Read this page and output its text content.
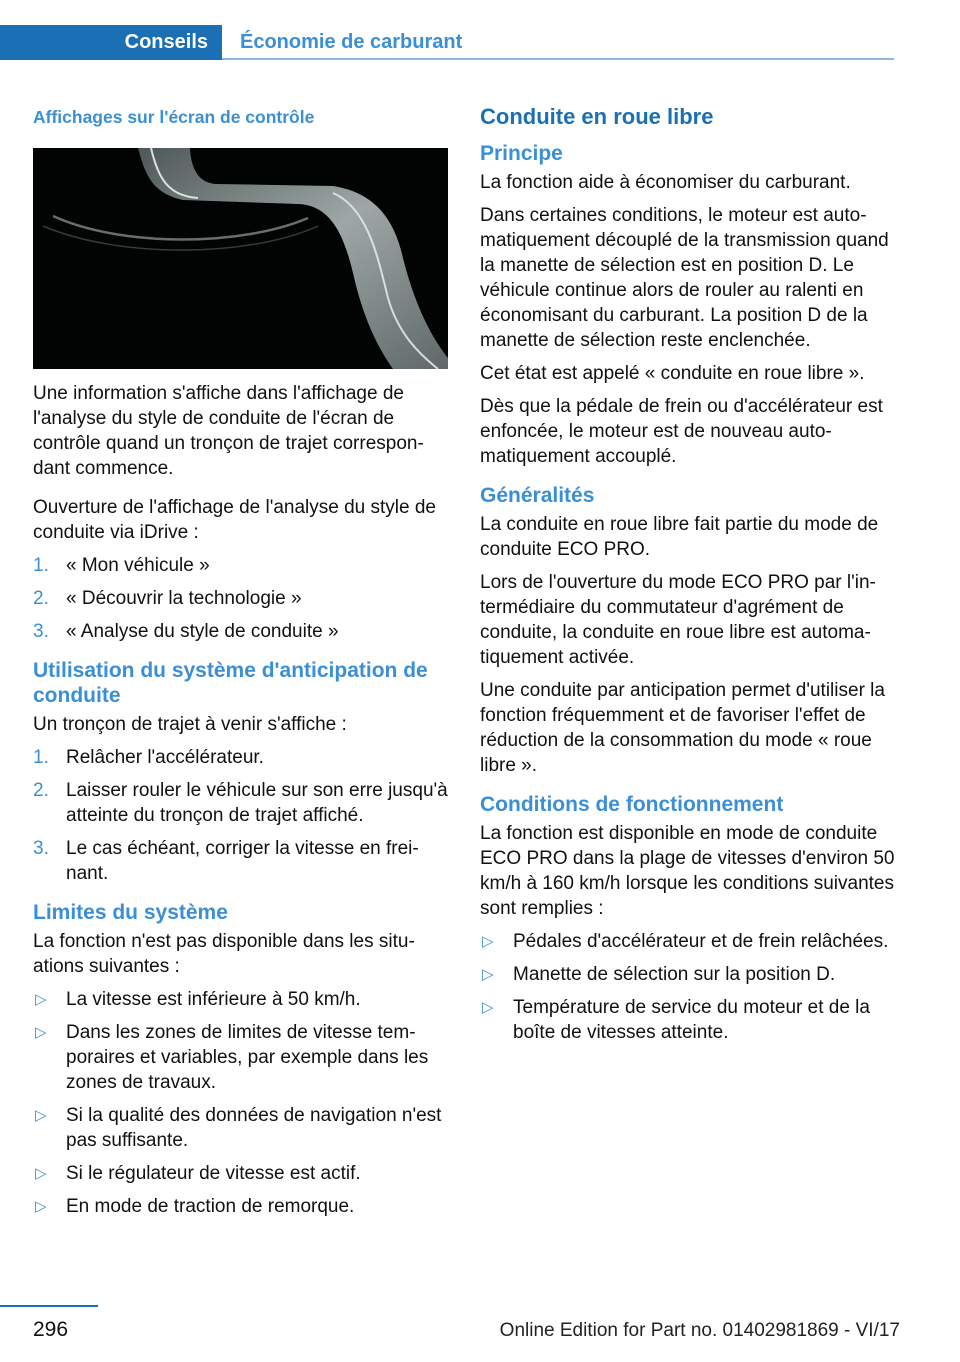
Conseils	Économie de carburant
Affichages sur l'écran de contrôle

Une information s'affiche dans l'affichage de l'analyse du style de conduite de l'écran de contrôle quand un tronçon de trajet correspondant commence.

Ouverture de l'affichage de l'analyse du style de conduite via iDrive :

1. « Mon véhicule »
2. « Découvrir la technologie »
3. « Analyse du style de conduite »
Utilisation du système d'anticipation de conduite

Un tronçon de trajet à venir s'affiche :

1. Relâcher l'accélérateur.
2. Laisser rouler le véhicule sur son erre jusqu'à atteinte du tronçon de trajet affiché.
3. Le cas échéant, corriger la vitesse en freinant.
Limites du système

La fonction n'est pas disponible dans les situations suivantes :

▷ La vitesse est inférieure à 50 km/h.
▷ Dans les zones de limites de vitesse temporaires et variables, par exemple dans les zones de travaux.
▷ Si la qualité des données de navigation n'est pas suffisante.
▷ Si le régulateur de vitesse est actif.
▷ En mode de traction de remorque.
Conduite en roue libre
Principe

La fonction aide à économiser du carburant.

Dans certaines conditions, le moteur est automatiquement découplé de la transmission quand la manette de sélection est en position D. Le véhicule continue alors de rouler au ralenti en économisant du carburant. La position D de la manette de sélection reste enclenchée.

Cet état est appelé « conduite en roue libre ».

Dès que la pédale de frein ou d'accélérateur est enfoncée, le moteur est de nouveau automatiquement accouplé.

Généralités

La conduite en roue libre fait partie du mode de conduite ECO PRO.

Lors de l'ouverture du mode ECO PRO par l'intermédiaire du commutateur d'agrément de conduite, la conduite en roue libre est automatiquement activée.

Une conduite par anticipation permet d'utiliser la fonction fréquemment et de favoriser l'effet de réduction de la consommation du mode « roue libre ».

Conditions de fonctionnement

La fonction est disponible en mode de conduite ECO PRO dans la plage de vitesses d'environ 50 km/h à 160 km/h lorsque les conditions suivantes sont remplies :

▷ Pédales d'accélérateur et de frein relâchées.
▷ Manette de sélection sur la position D.
▷ Température de service du moteur et de la boîte de vitesses atteinte.
296	Online Edition for Part no. 01402981869 - VI/17
